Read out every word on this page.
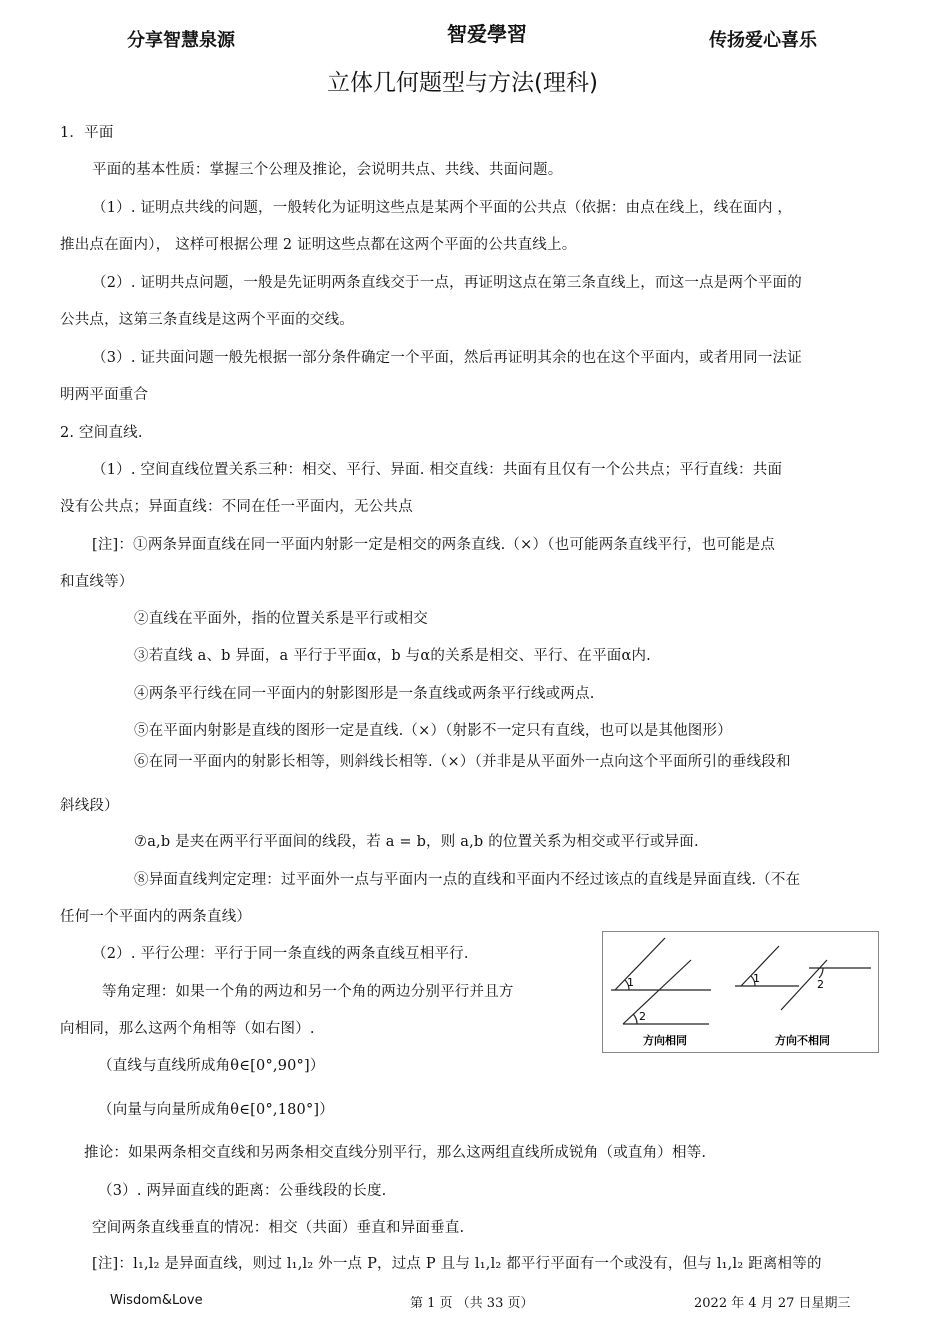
分享智慧泉源	智爱學習	传扬爱心喜乐
立体几何题型与方法(理科)
1．平面
平面的基本性质：掌握三个公理及推论，会说明共点、共线、共面问题。
（1）. 证明点共线的问题，一般转化为证明这些点是某两个平面的公共点（依据：由点在线上，线在面内 ，
推出点在面内）， 这样可根据公理 2 证明这些点都在这两个平面的公共直线上。
（2）. 证明共点问题，一般是先证明两条直线交于一点，再证明这点在第三条直线上，而这一点是两个平面的
公共点，这第三条直线是这两个平面的交线。
（3）. 证共面问题一般先根据一部分条件确定一个平面，然后再证明其余的也在这个平面内，或者用同一法证
明两平面重合
2. 空间直线.
（1）. 空间直线位置关系三种：相交、平行、异面. 相交直线：共面有且仅有一个公共点；平行直线：共面
没有公共点；异面直线：不同在任一平面内，无公共点
[注]：①两条异面直线在同一平面内射影一定是相交的两条直线.（×）（也可能两条直线平行，也可能是点
和直线等）
②直线在平面外，指的位置关系是平行或相交
③若直线 a、b 异面，a 平行于平面α，b 与α的关系是相交、平行、在平面α内.
④两条平行线在同一平面内的射影图形是一条直线或两条平行线或两点.
⑤在平面内射影是直线的图形一定是直线.（×）（射影不一定只有直线，也可以是其他图形）
⑥在同一平面内的射影长相等，则斜线长相等.（×）（并非是从平面外一点向这个平面所引的垂线段和
斜线段）
⑦a,b 是夹在两平行平面间的线段，若 a = b，则 a,b 的位置关系为相交或平行或异面.
⑧异面直线判定定理：过平面外一点与平面内一点的直线和平面内不经过该点的直线是异面直线.（不在
任何一个平面内的两条直线）
（2）. 平行公理：平行于同一条直线的两条直线互相平行.
等角定理：如果一个角的两边和另一个角的两边分别平行并且方
向相同，那么这两个角相等（如右图）.
（直线与直线所成角θ∈[0°,90°]）
（向量与向量所成角θ∈[0°,180°]）
推论：如果两条相交直线和另两条相交直线分别平行，那么这两组直线所成锐角（或直角）相等.
（3）. 两异面直线的距离：公垂线段的长度.
空间两条直线垂直的情况：相交（共面）垂直和异面垂直.
[注]：l₁,l₂ 是异面直线，则过 l₁,l₂ 外一点 P，过点 P 且与 l₁,l₂ 都平行平面有一个或没有，但与 l₁,l₂ 距离相等的
1
2
1	2
方向相同	方向不相同
Wisdom&Love	第 1 页 （共 33 页）	2022 年 4 月 27 日星期三
